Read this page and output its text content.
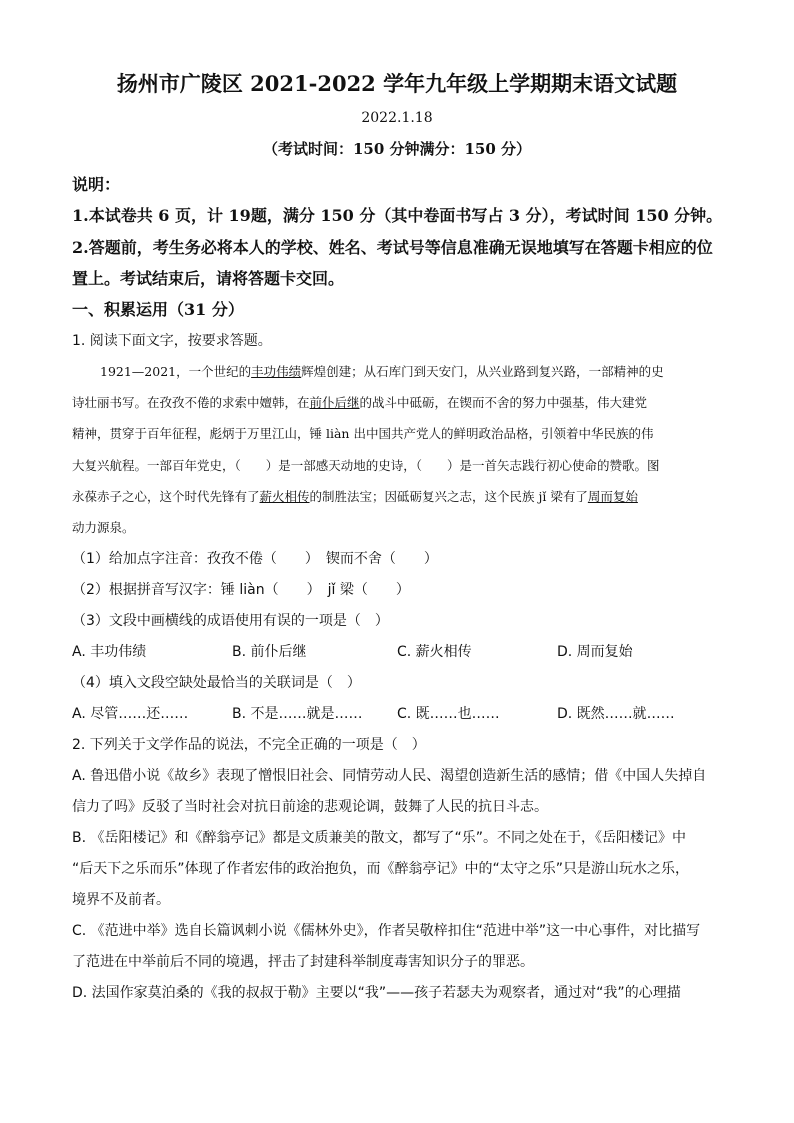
扬州市广陵区 2021-2022 学年九年级上学期期末语文试题
2022.1.18
（考试时间：150 分钟满分：150 分）
说明：
1.本试卷共 6 页，计 19题，满分 150 分（其中卷面书写占 3 分），考试时间 150 分钟。
2.答题前，考生务必将本人的学校、姓名、考试号等信息准确无误地填写在答题卡相应的位
置上。考试结束后，请将答题卡交回。
一、积累运用（31 分）
1. 阅读下面文字，按要求答题。
1921—2021，一个世纪的丰功伟绩辉煌创建；从石库门到天安门，从兴业路到复兴路，一部精神的史
诗壮丽书写。在孜孜不倦的求索中嬗韩，在前仆后继的战斗中砥砺，在锲而不舍的努力中强基，伟大建党
精神，贯穿于百年征程，彪炳于万里江山，锤 liàn 出中国共产党人的鲜明政治品格，引领着中华民族的伟
大复兴航程。一部百年党史，（　　）是一部感天动地的史诗，（　　）是一首矢志践行初心使命的赞歌。图
永葆赤子之心，这个时代先锋有了薪火相传的制胜法宝；因砥砺复兴之志，这个民族 jǐ 梁有了周而复始
动力源泉。
（1）给加点字注音：孜孜不倦（　　）　锲而不舍（　　）
（2）根据拼音写汉字：锤 liàn（　　）　jǐ 梁（　　）
（3）文段中画横线的成语使用有误的一项是（　）
A. 丰功伟绩	B. 前仆后继	C. 薪火相传	D. 周而复始
（4）填入文段空缺处最恰当的关联词是（　）
A. 尽管……还……	B. 不是……就是…… C. 既……也……	D. 既然……就……
2. 下列关于文学作品的说法，不完全正确的一项是（　）
A. 鲁迅借小说《故乡》表现了憎恨旧社会、同情劳动人民、渴望创造新生活的感情；借《中国人失掉自
信力了吗》反驳了当时社会对抗日前途的悲观论调，鼓舞了人民的抗日斗志。
B. 《岳阳楼记》和《醉翁亭记》都是文质兼美的散文，都写了“乐”。不同之处在于，《岳阳楼记》中
“后天下之乐而乐”体现了作者宏伟的政治抱负，而《醉翁亭记》中的“太守之乐”只是游山玩水之乐，
境界不及前者。
C. 《范进中举》选自长篇讽刺小说《儒林外史》，作者吴敬梓扣住“范进中举”这一中心事件，对比描写
了范进在中举前后不同的境遇，抨击了封建科举制度毒害知识分子的罪恶。
D. 法国作家莫泊桑的《我的叔叔于勒》主要以“我”——孩子若瑟夫为观察者，通过对“我”的心理描
